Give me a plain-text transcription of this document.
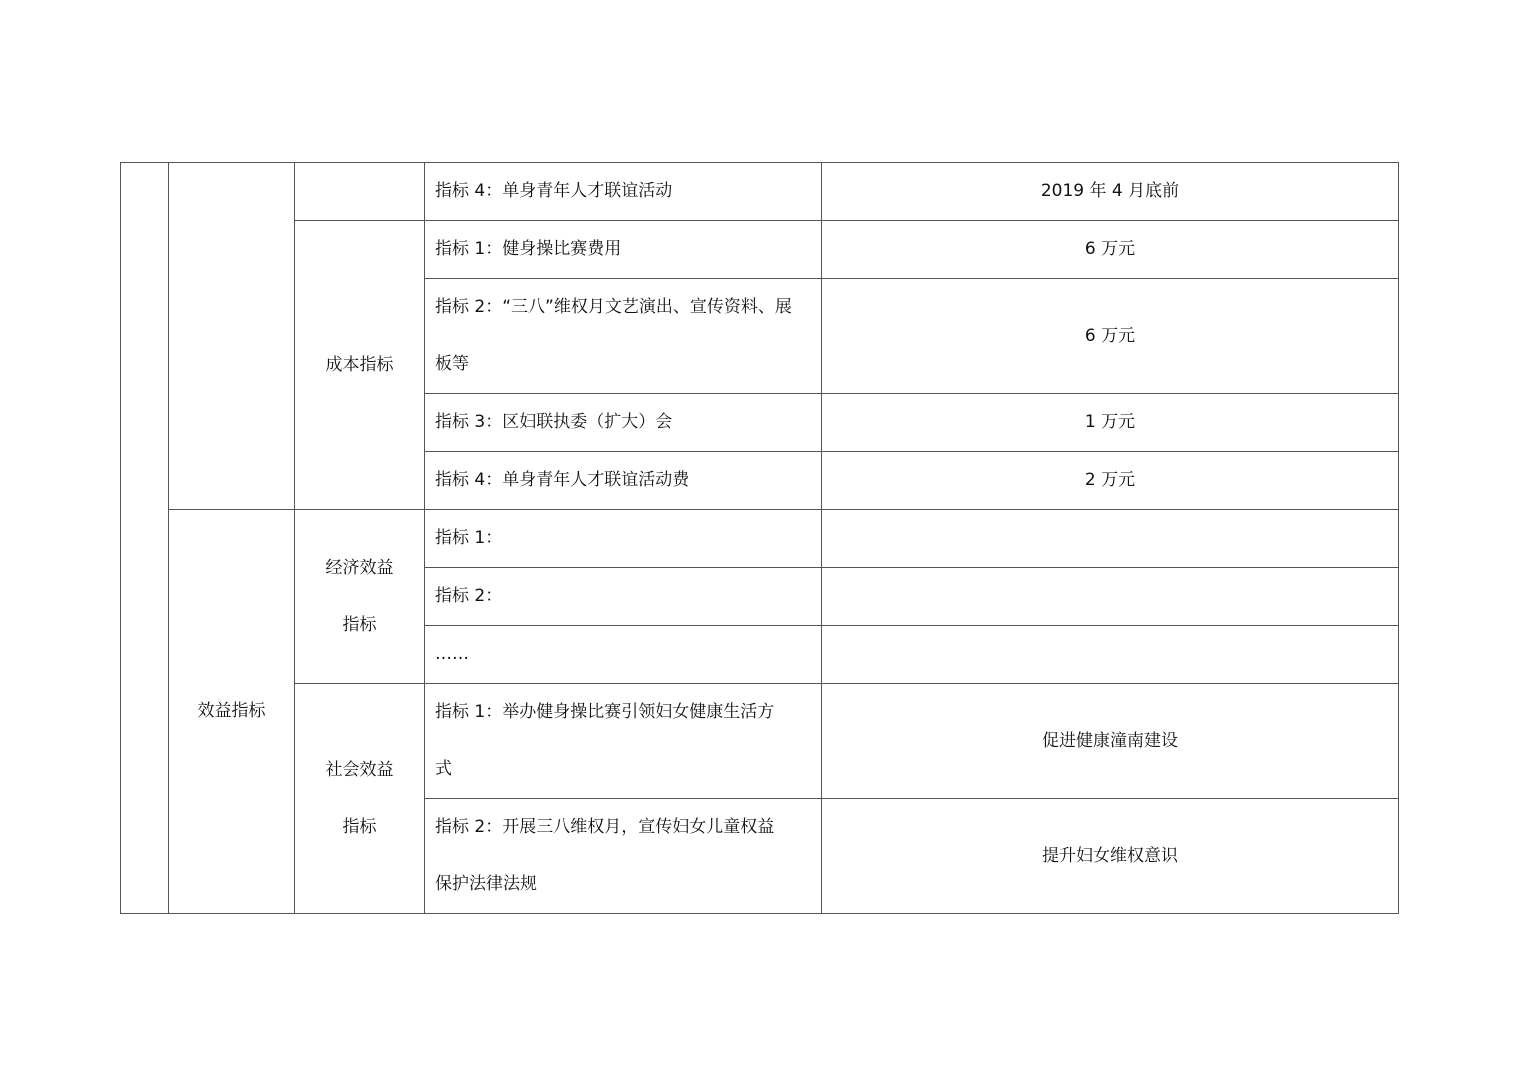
			指标 4：单身青年人才联谊活动	2019 年 4 月底前
		成本指标	指标 1：健身操比赛费用	6 万元

			指标 2：“三八”维权月文艺演出、宣传资料、展
板等	6 万元
			指标 3：区妇联执委（扩大）会	1 万元
			指标 4：单身青年人才联谊活动费	2 万元
	效益指标	经济效益
指标	指标 1：	
			指标 2：	
			……	

		社会效益
指标	指标 1：举办健身操比赛引领妇女健康生活方
式	促进健康潼南建设

			指标 2：开展三八维权月，宣传妇女儿童权益
保护法律法规	提升妇女维权意识
